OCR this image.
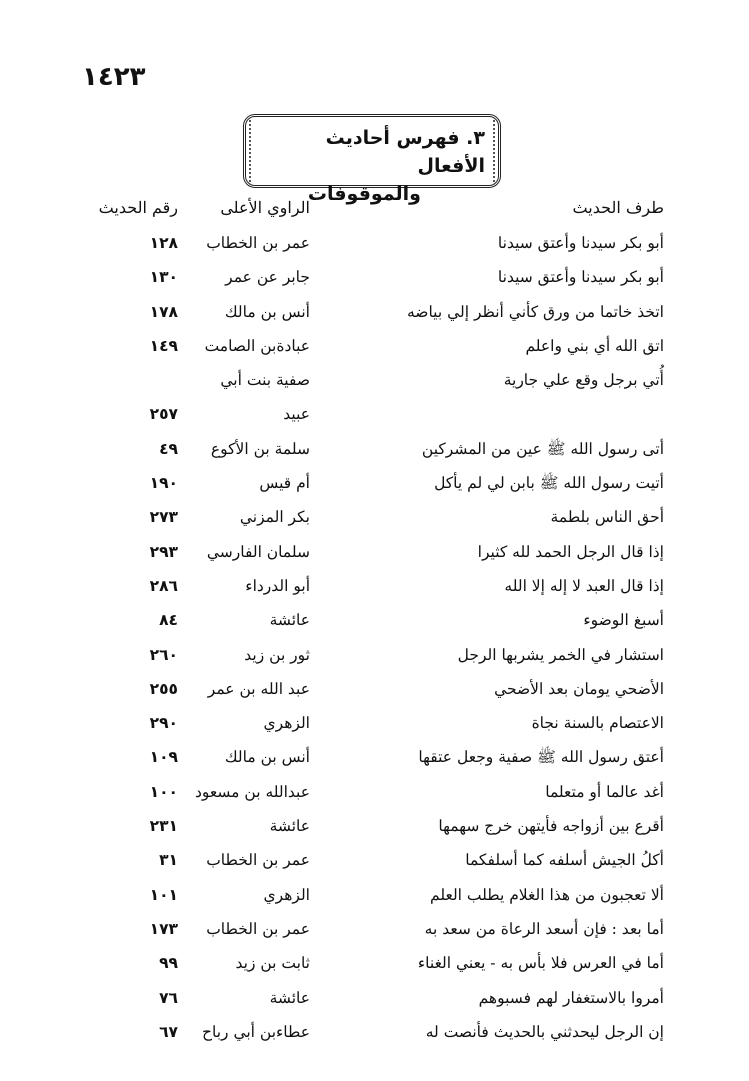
١٤٢٣
٣. فهرس أحاديث الأفعال
والموقوفات
طرف الحديث
الراوي الأعلى
رقم الحديث
أبو بكر سيدنا وأعتق سيدنا
عمر بن الخطاب
١٢٨
أبو بكر سيدنا وأعتق سيدنا
جابر عن عمر
١٣٠
اتخذ خاتما من ورق كأني أنظر إلي بياضه
أنس بن مالك
١٧٨
اتق الله أي بني واعلم
عبادةبن الصامت
١٤٩
أُتي برجل وقع علي جارية
صفية بنت أبي
عبيد
٢٥٧
أتى رسول الله ﷺ عين من المشركين
سلمة بن الأكوع
٤٩
أتيت رسول الله ﷺ بابن لي لم يأكل
أم قيس
١٩٠
أحق الناس بلطمة
بكر المزني
٢٧٣
إذا قال الرجل الحمد لله كثيرا
سلمان الفارسي
٢٩٣
إذا قال العبد لا إله إلا الله
أبو الدرداء
٢٨٦
أسبغ الوضوء
عائشة
٨٤
استشار في الخمر يشربها الرجل
ثور بن زيد
٢٦٠
الأضحي يومان بعد الأضحي
عبد الله بن عمر
٢٥٥
الاعتصام بالسنة نجاة
الزهري
٢٩٠
أعتق رسول الله ﷺ صفية وجعل عتقها
أنس بن مالك
١٠٩
أغد عالما أو متعلما
عبدالله بن مسعود
١٠٠
أقرع بين أزواجه فأيتهن خرج سهمها
عائشة
٢٣١
أكلُ الجيش أسلفه كما أسلفكما
عمر بن الخطاب
٣١
ألا تعجبون من هذا الغلام يطلب العلم
الزهري
١٠١
أما بعد : فإن أسعد الرعاة من سعد به
عمر بن الخطاب
١٧٣
أما في العرس فلا بأس به - يعني الغناء
ثابت بن زيد
٩٩
أمروا بالاستغفار لهم فسبوهم
عائشة
٧٦
إن الرجل ليحدثني بالحديث فأنصت له
عطاءبن أبي رباح
٦٧
